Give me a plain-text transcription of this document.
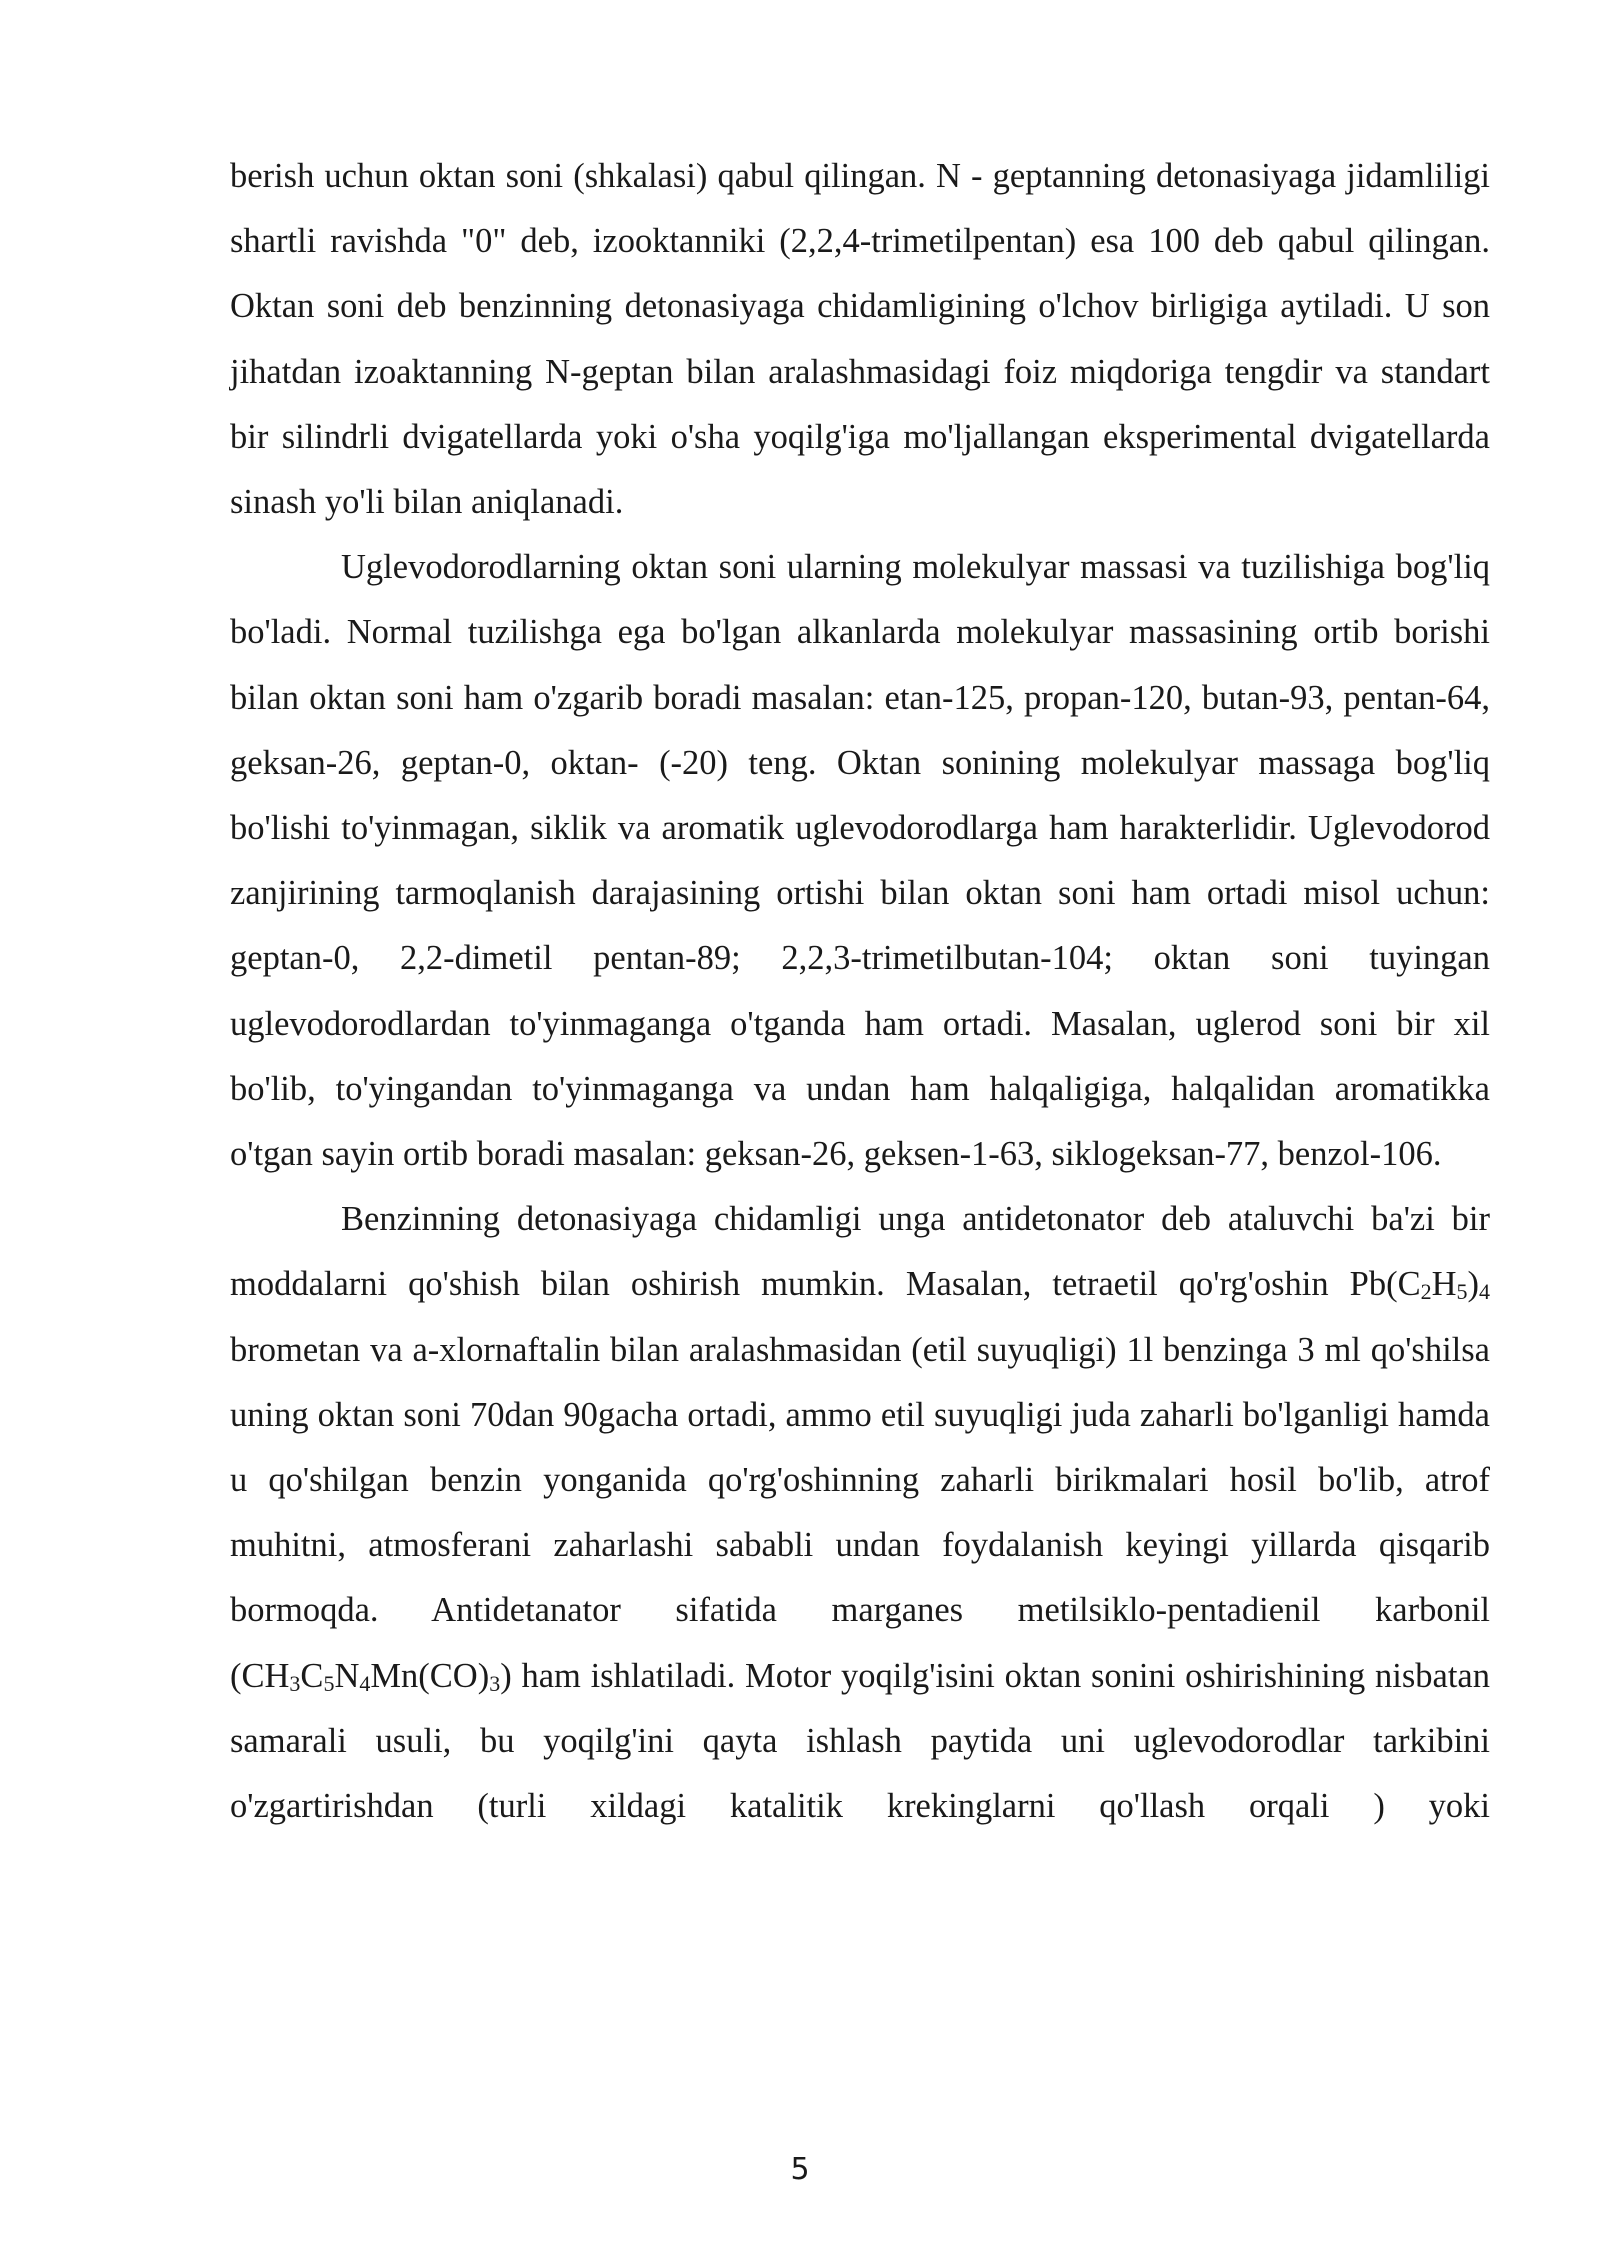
berish uchun oktan soni (shkalasi) qabul qilingan. N - geptanning detonasiyaga jidamliligi shartli ravishda "0" deb, izooktanniki (2,2,4-trimetilpentan) esa 100 deb qabul qilingan. Oktan soni deb benzinning detonasiyaga chidamligining o'lchov birligiga aytiladi. U son jihatdan izoaktanning N-geptan bilan aralashmasidagi foiz miqdoriga tengdir va standart bir silindrli dvigatellarda yoki o'sha yoqilg'iga mo'ljallangan eksperimental dvigatellarda sinash yo'li bilan aniqlanadi.

Uglevodorodlarning oktan soni ularning molekulyar massasi va tuzilishiga bog'liq bo'ladi. Normal tuzilishga ega bo'lgan alkanlarda molekulyar massasining ortib borishi bilan oktan soni ham o'zgarib boradi masalan: etan-125, propan-120, butan-93, pentan-64, geksan-26, geptan-0, oktan- (-20) teng. Oktan sonining molekulyar massaga bog'liq bo'lishi to'yinmagan, siklik va aromatik uglevodorodlarga ham harakterlidir. Uglevodorod zanjirining tarmoqlanish darajasining ortishi bilan oktan soni ham ortadi misol uchun: geptan-0, 2,2-dimetil pentan-89; 2,2,3-trimetilbutan-104; oktan soni tuyingan uglevodorodlardan to'yinmaganga o'tganda ham ortadi. Masalan, uglerod soni bir xil bo'lib, to'yingandan to'yinmaganga va undan ham halqaligiga, halqalidan aromatikka o'tgan sayin ortib boradi masalan: geksan-26, geksen-1-63, siklogeksan-77, benzol-106.

Benzinning detonasiyaga chidamligi unga antidetonator deb ataluvchi ba'zi bir moddalarni qo'shish bilan oshirish mumkin. Masalan, tetraetil qo'rg'oshin $Pb(C_2H_5)_4$ brometan va a-xlornaftalin bilan aralashmasidan (etil suyuqligi) 1l benzinga 3 ml qo'shilsa uning oktan soni 70dan 90gacha ortadi, ammo etil suyuqligi juda zaharli bo'lganligi hamda u qo'shilgan benzin yonganida qo'rg'oshinning zaharli birikmalari hosil bo'lib, atrof muhitni, atmosferani zaharlashi sababli undan foydalanish keyingi yillarda qisqarib bormoqda. Antidetanator sifatida marganes metilsiklo-pentadienil karbonil $(CH_3C_5N_4Mn(CO)_3)$ ham ishlatiladi. Motor yoqilg'isini oktan sonini oshirishining nisbatan samarali usuli, bu yoqilg'ini qayta ishlash paytida uni uglevodorodlar tarkibini o'zgartirishdan (turli xildagi katalitik krekinglarni qo'llash orqali ) yoki

5
